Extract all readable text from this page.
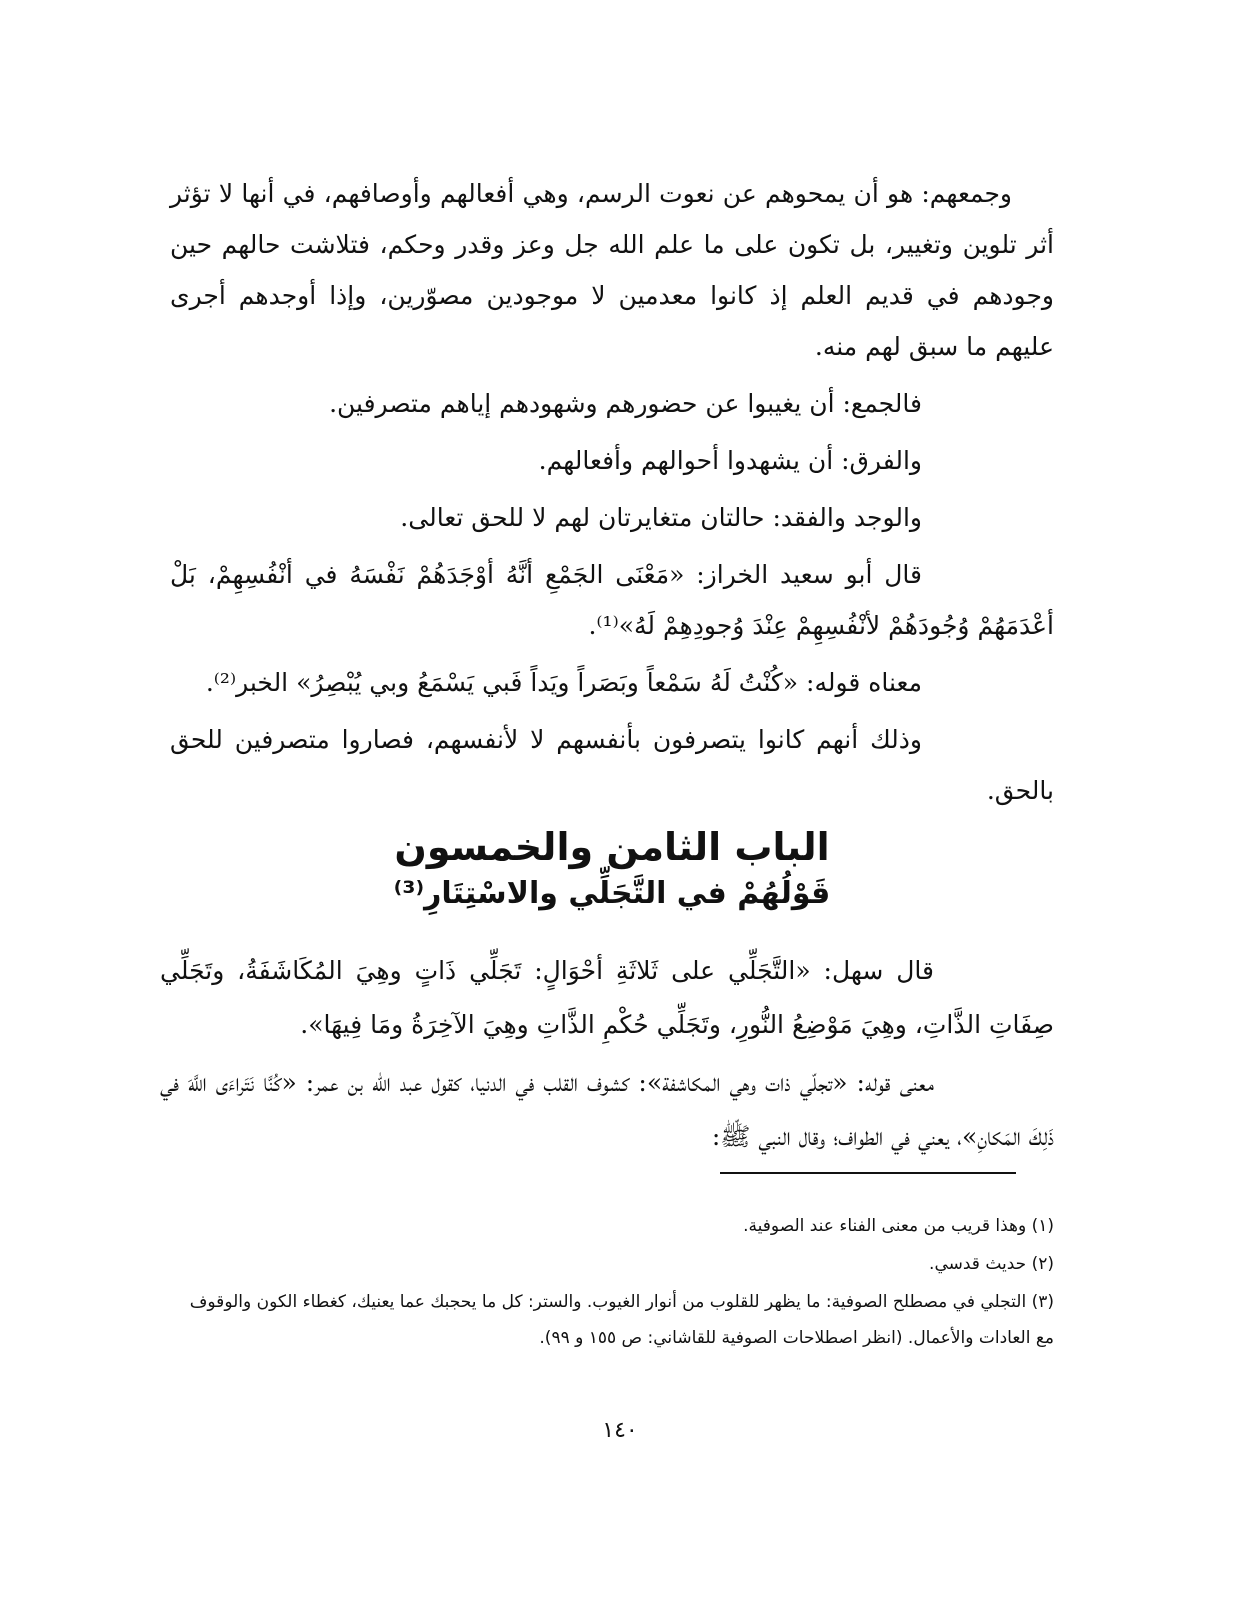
وجمعهم: هو أن يمحوهم عن نعوت الرسم، وهي أفعالهم وأوصافهم، في أنها لا تؤثر أثر تلوين وتغيير، بل تكون على ما علم الله جل وعز وقدر وحكم، فتلاشت حالهم حين وجودهم في قديم العلم إذ كانوا معدمين لا موجودين مصوّرين، وإذا أوجدهم أجرى عليهم ما سبق لهم منه.

فالجمع: أن يغيبوا عن حضورهم وشهودهم إياهم متصرفين.

والفرق: أن يشهدوا أحوالهم وأفعالهم.

والوجد والفقد: حالتان متغايرتان لهم لا للحق تعالى.

قال أبو سعيد الخراز: «مَعْنَى الجَمْعِ أنَّهُ أوْجَدَهُمْ نَفْسَهُ في أنْفُسِهِمْ، بَلْ أعْدَمَهُمْ وُجُودَهُمْ لأنْفُسِهِمْ عِنْدَ وُجودِهِمْ لَهُ»⁽¹⁾.

معناه قوله: «كُنْتُ لَهُ سَمْعاً وبَصَراً ويَداً فَبي يَسْمَعُ وبي يُبْصِرُ» الخبر⁽²⁾.

وذلك أنهم كانوا يتصرفون بأنفسهم لا لأنفسهم، فصاروا متصرفين للحق بالحق.

الباب الثامن والخمسون

قَوْلُهُمْ في التَّجَلِّي والاسْتِتَارِ⁽³⁾

قال سهل: «التَّجَلِّي على ثَلاثَةِ أحْوَالٍ: تَجَلِّي ذَاتٍ وهِيَ المُكَاشَفَةُ، وتَجَلِّي صِفَاتِ الذَّاتِ، وهِيَ مَوْضِعُ النُّورِ، وتَجَلِّي حُكْمِ الذَّاتِ وهِيَ الآخِرَةُ ومَا فِيهَا».

معنى قوله: «تجلّي ذات وهي المكاشفة»: كشوف القلب في الدنيا، كقول عبد الله بن عمر: «كُنَّا نَتَراءَى اللَّهَ في ذَلِكَ المَكانِ»، يعني في الطواف؛ وقال النبي ﷺ:

(١) وهذا قريب من معنى الفناء عند الصوفية.

(٢) حديث قدسي.

(٣) التجلي في مصطلح الصوفية: ما يظهر للقلوب من أنوار الغيوب. والستر: كل ما يحجبك عما يعنيك، كغطاء الكون والوقوف مع العادات والأعمال. (انظر اصطلاحات الصوفية للقاشاني: ص ١٥٥ و ٩٩).

١٤٠
